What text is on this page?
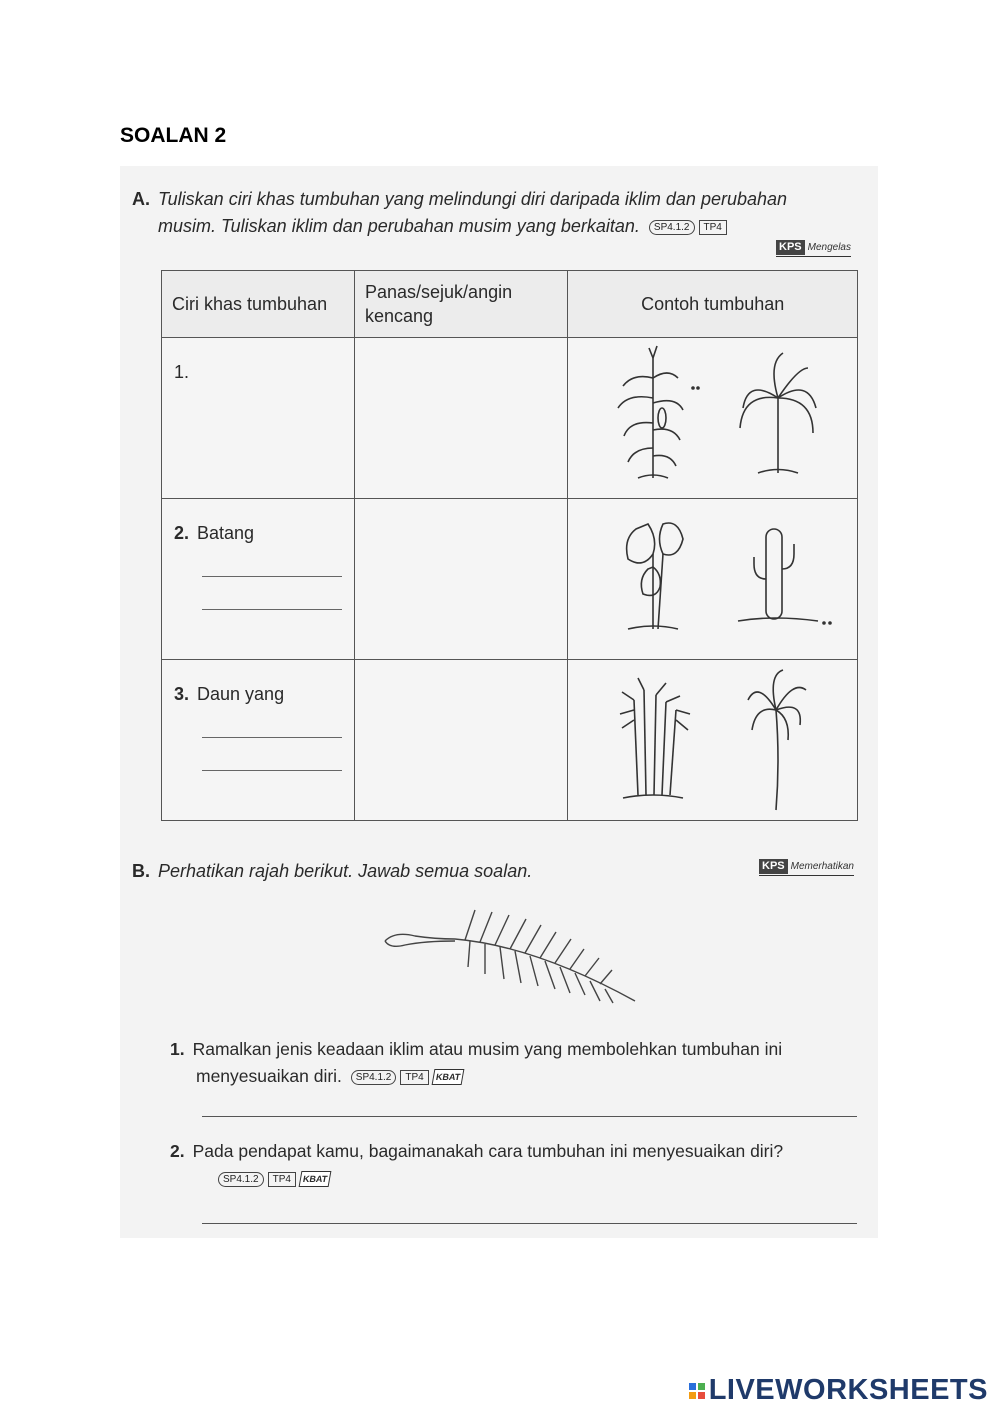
SOALAN 2
A. Tuliskan ciri khas tumbuhan yang melindungi diri daripada iklim dan perubahan
musim. Tuliskan iklim dan perubahan musim yang berkaitan. SP4.1.2 TP4
KPS Mengelas
Ciri khas tumbuhan	Panas/sejuk/angin kencang	Contoh tumbuhan
1.		

2. Batang

3. Daun yang

B. Perhatikan rajah berikut. Jawab semua soalan.	KPS Memerhatikan
1. Ramalkan jenis keadaan iklim atau musim yang membolehkan tumbuhan ini
menyesuaikan diri. SP4.1.2 TP4 KBAT
2. Pada pendapat kamu, bagaimanakah cara tumbuhan ini menyesuaikan diri?
SP4.1.2 TP4 KBAT
LIVEWORKSHEETS
